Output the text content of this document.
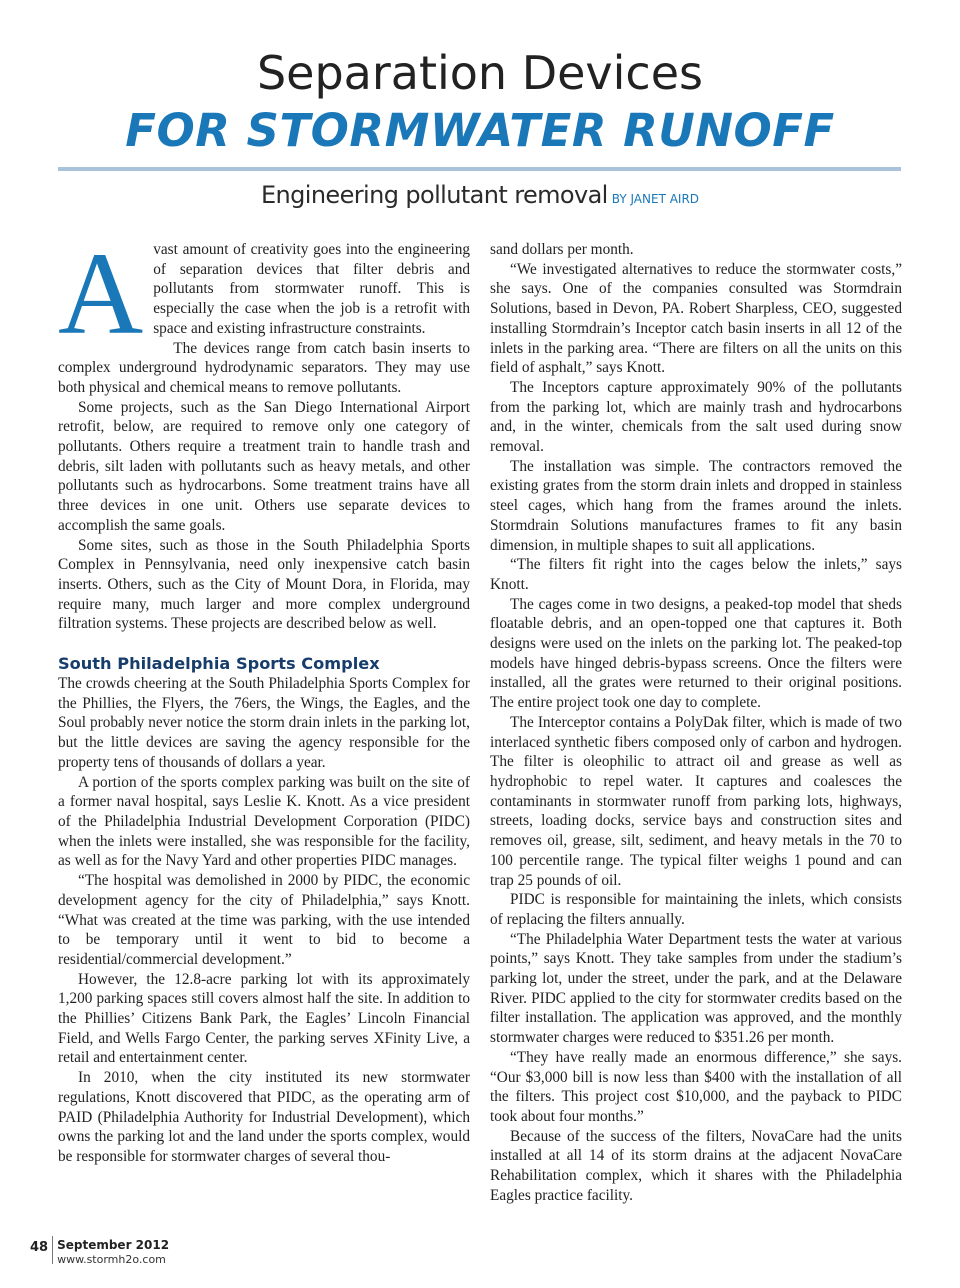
Separation Devices
FOR STORMWATER RUNOFF
Engineering pollutant removal BY JANET AIRD

Avast amount of creativity goes into the engineering of separation devices that filter debris and pollutants from stormwater runoff. This is especially the case when the job is a retrofit with space and existing infrastructure constraints.

The devices range from catch basin inserts to complex underground hydrodynamic separators. They may use both physical and chemical means to remove pollutants.

Some projects, such as the San Diego International Airport retrofit, below, are required to remove only one category of pollutants. Others require a treatment train to handle trash and debris, silt laden with pollutants such as heavy metals, and other pollutants such as hydrocarbons. Some treatment trains have all three devices in one unit. Others use separate devices to accomplish the same goals.

Some sites, such as those in the South Philadelphia Sports Complex in Pennsylvania, need only inexpensive catch basin inserts. Others, such as the City of Mount Dora, in Florida, may require many, much larger and more complex underground filtration systems. These projects are described below as well.

South Philadelphia Sports Complex

The crowds cheering at the South Philadelphia Sports Complex for the Phillies, the Flyers, the 76ers, the Wings, the Eagles, and the Soul probably never notice the storm drain inlets in the parking lot, but the little devices are saving the agency responsible for the property tens of thousands of dollars a year.

A portion of the sports complex parking was built on the site of a former naval hospital, says Leslie K. Knott. As a vice president of the Philadelphia Industrial Development Corporation (PIDC) when the inlets were installed, she was responsible for the facility, as well as for the Navy Yard and other properties PIDC manages.

“The hospital was demolished in 2000 by PIDC, the economic development agency for the city of Philadelphia,” says Knott. “What was created at the time was parking, with the use intended to be temporary until it went to bid to become a residential/commercial development.”

However, the 12.8-acre parking lot with its approximately 1,200 parking spaces still covers almost half the site. In addition to the Phillies’ Citizens Bank Park, the Eagles’ Lincoln Financial Field, and Wells Fargo Center, the parking serves XFinity Live, a retail and entertainment center.

In 2010, when the city instituted its new stormwater regulations, Knott discovered that PIDC, as the operating arm of PAID (Philadelphia Authority for Industrial Development), which owns the parking lot and the land under the sports complex, would be responsible for stormwater charges of several thou-

sand dollars per month.

“We investigated alternatives to reduce the stormwater costs,” she says. One of the companies consulted was Stormdrain Solutions, based in Devon, PA. Robert Sharpless, CEO, suggested installing Stormdrain’s Inceptor catch basin inserts in all 12 of the inlets in the parking area. “There are filters on all the units on this field of asphalt,” says Knott.

The Inceptors capture approximately 90% of the pollutants from the parking lot, which are mainly trash and hydrocarbons and, in the winter, chemicals from the salt used during snow removal.

The installation was simple. The contractors removed the existing grates from the storm drain inlets and dropped in stainless steel cages, which hang from the frames around the inlets. Stormdrain Solutions manufactures frames to fit any basin dimension, in multiple shapes to suit all applications.

“The filters fit right into the cages below the inlets,” says Knott.

The cages come in two designs, a peaked-top model that sheds floatable debris, and an open-topped one that captures it. Both designs were used on the inlets on the parking lot. The peaked-top models have hinged debris-bypass screens. Once the filters were installed, all the grates were returned to their original positions. The entire project took one day to complete.

The Interceptor contains a PolyDak filter, which is made of two interlaced synthetic fibers composed only of carbon and hydrogen. The filter is oleophilic to attract oil and grease as well as hydrophobic to repel water. It captures and coalesces the contaminants in stormwater runoff from parking lots, highways, streets, loading docks, service bays and construction sites and removes oil, grease, silt, sediment, and heavy metals in the 70 to 100 percentile range. The typical filter weighs 1 pound and can trap 25 pounds of oil.

PIDC is responsible for maintaining the inlets, which consists of replacing the filters annually.

“The Philadelphia Water Department tests the water at various points,” says Knott. They take samples from under the stadium’s parking lot, under the street, under the park, and at the Delaware River. PIDC applied to the city for stormwater credits based on the filter installation. The application was approved, and the monthly stormwater charges were reduced to $351.26 per month.

“They have really made an enormous difference,” she says. “Our $3,000 bill is now less than $400 with the installation of all the filters. This project cost $10,000, and the payback to PIDC took about four months.”

Because of the success of the filters, NovaCare had the units installed at all 14 of its storm drains at the adjacent NovaCare Rehabilitation complex, which it shares with the Philadelphia Eagles practice facility.

48 September 2012
www.stormh2o.com
